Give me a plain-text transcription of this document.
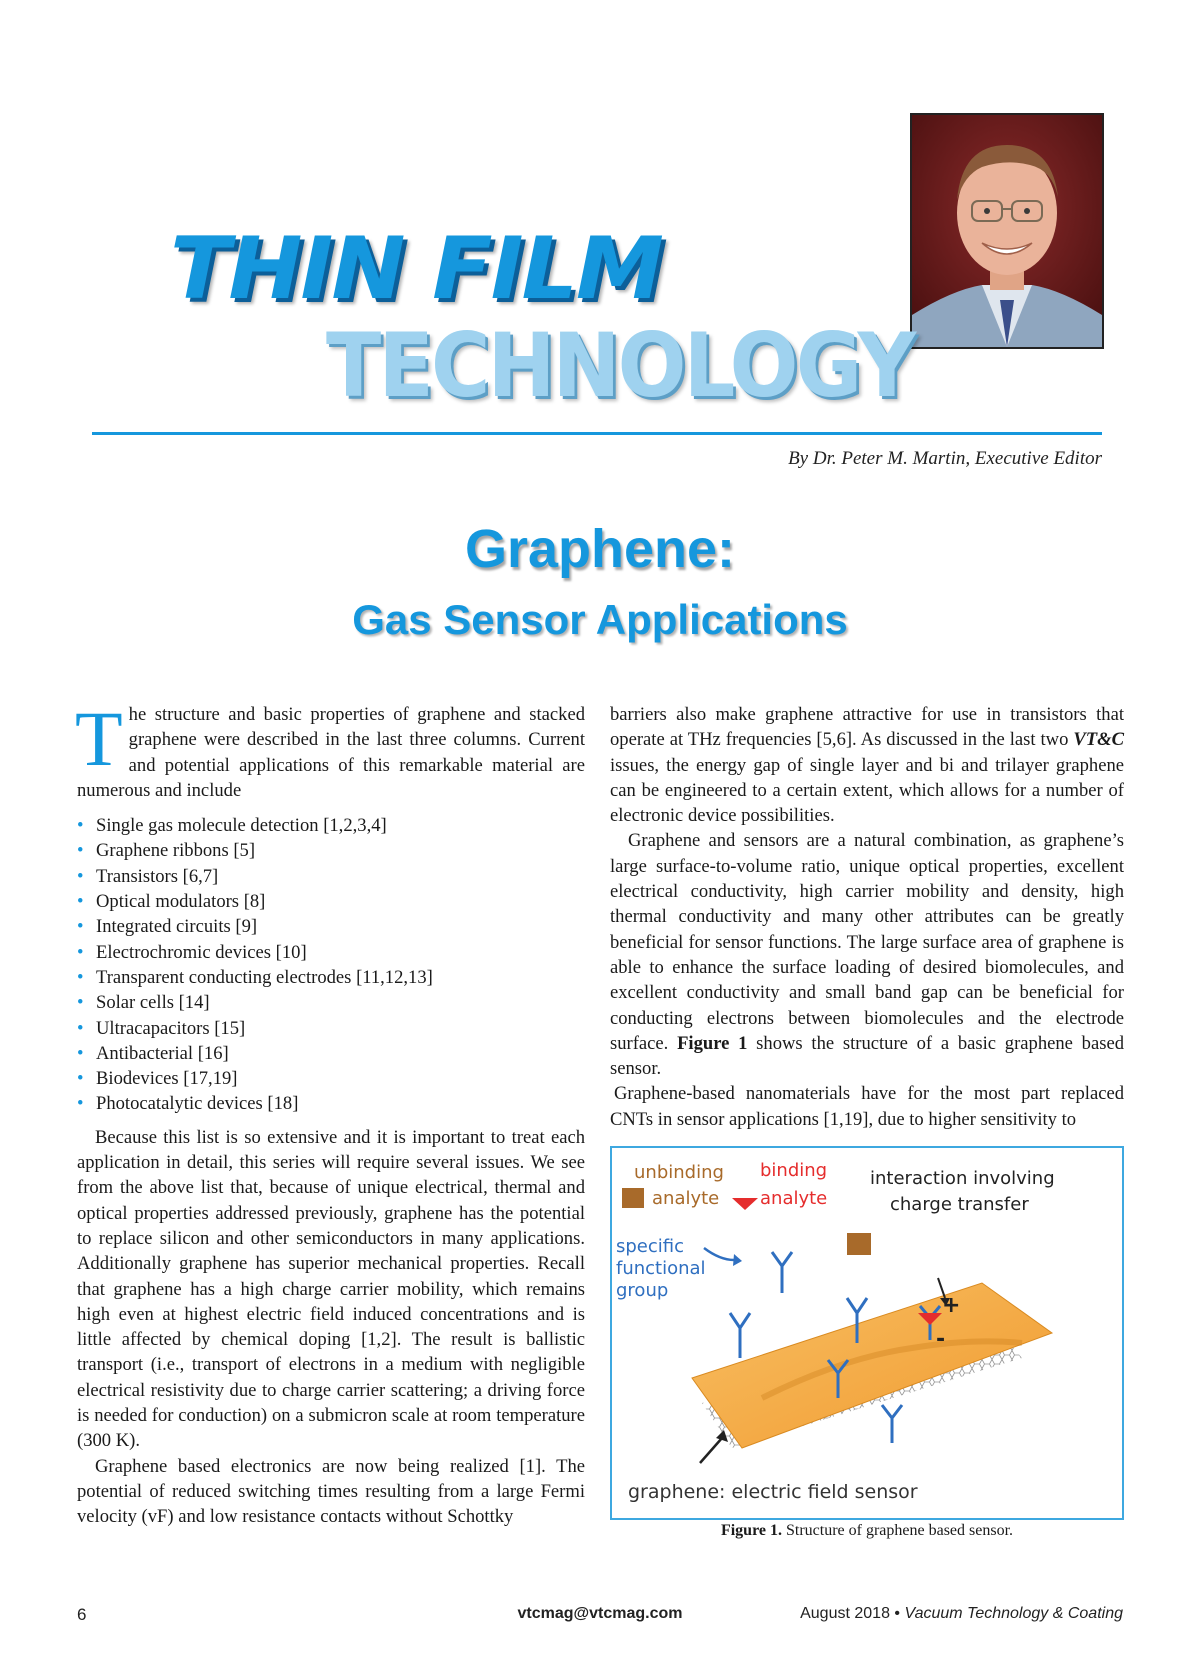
THIN FILM
TECHNOLOGY

By Dr. Peter M. Martin, Executive Editor

Graphene:
Gas Sensor Applications

The structure and basic properties of graphene and stacked graphene were described in the last three columns. Current and potential applications of this remarkable material are numerous and include

• Single gas molecule detection [1,2,3,4]
• Graphene ribbons [5]
• Transistors [6,7]
• Optical modulators [8]
• Integrated circuits [9]
• Electrochromic devices [10]
• Transparent conducting electrodes [11,12,13]
• Solar cells [14]
• Ultracapacitors [15]
• Antibacterial [16]
• Biodevices [17,19]
• Photocatalytic devices [18]

Because this list is so extensive and it is important to treat each application in detail, this series will require several issues. We see from the above list that, because of unique electrical, thermal and optical properties addressed previously, graphene has the potential to replace silicon and other semiconductors in many applications. Additionally graphene has superior mechanical properties. Recall that graphene has a high charge carrier mobility, which remains high even at highest electric field induced concentrations and is little affected by chemical doping [1,2]. The result is ballistic transport (i.e., transport of electrons in a medium with negligible electrical resistivity due to charge carrier scattering; a driving force is needed for conduction) on a submicron scale at room temperature (300 K).

Graphene based electronics are now being realized [1]. The potential of reduced switching times resulting from a large Fermi velocity (vF) and low resistance contacts without Schottky

barriers also make graphene attractive for use in transistors that operate at THz frequencies [5,6]. As discussed in the last two VT&C issues, the energy gap of single layer and bi and trilayer graphene can be engineered to a certain extent, which allows for a number of electronic device possibilities.

Graphene and sensors are a natural combination, as graphene’s large surface-to-volume ratio, unique optical properties, excellent electrical conductivity, high carrier mobility and density, high thermal conductivity and many other attributes can be greatly beneficial for sensor functions. The large surface area of graphene is able to enhance the surface loading of desired biomolecules, and excellent conductivity and small band gap can be beneficial for conducting electrons between biomolecules and the electrode surface. Figure 1 shows the structure of a basic graphene based sensor.

Graphene-based nanomaterials have for the most part replaced CNTs in sensor applications [1,19], due to higher sensitivity to

unbinding
analyte
binding
analyte
interaction involving
charge transfer
specific
functional
group
+
-
graphene: electric field sensor

Figure 1. Structure of graphene based sensor.

6	vtcmag@vtcmag.com	August 2018 • Vacuum Technology & Coating
